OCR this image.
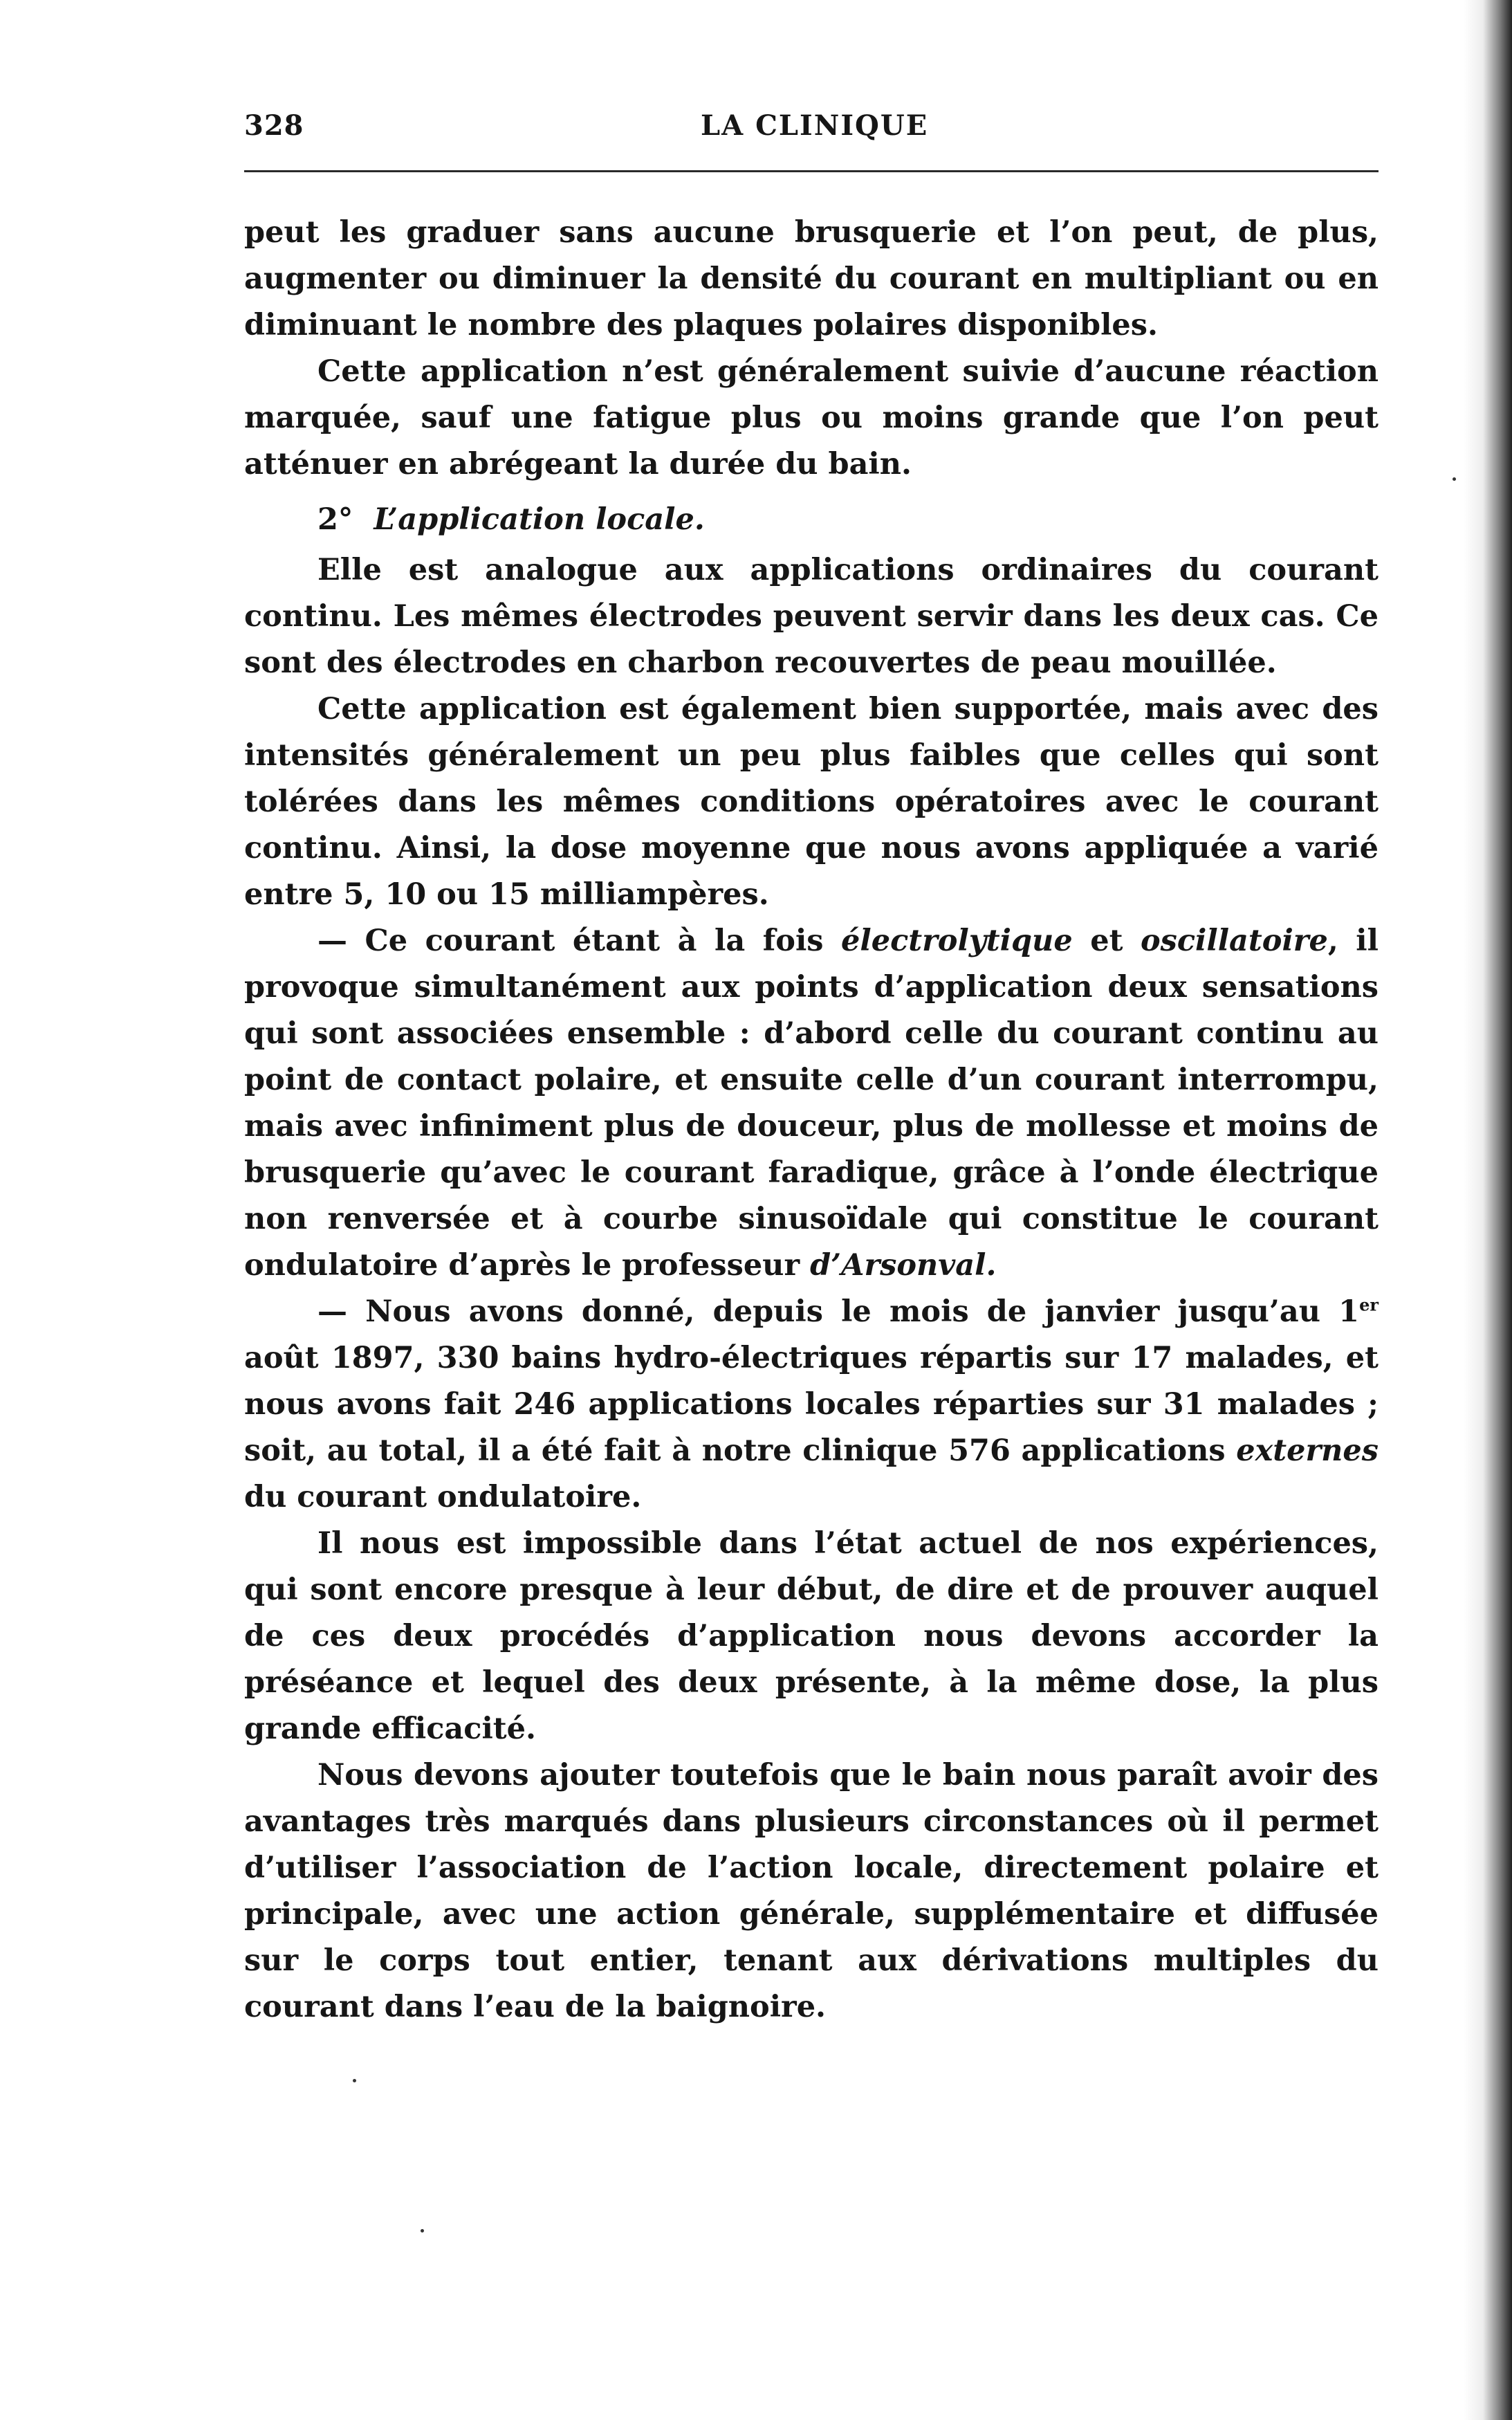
328	LA CLINIQUE

peut les graduer sans aucune brusquerie et l’on peut, de plus, augmenter ou diminuer la densité du courant en multipliant ou en diminuant le nombre des plaques polaires disponibles.

Cette application n’est généralement suivie d’aucune réaction marquée, sauf une fatigue plus ou moins grande que l’on peut atténuer en abrégeant la durée du bain.

2° L’application locale.

Elle est analogue aux applications ordinaires du courant continu. Les mêmes électrodes peuvent servir dans les deux cas. Ce sont des électrodes en charbon recouvertes de peau mouillée.

Cette application est également bien supportée, mais avec des intensités généralement un peu plus faibles que celles qui sont tolérées dans les mêmes conditions opératoires avec le courant continu. Ainsi, la dose moyenne que nous avons appliquée a varié entre 5, 10 ou 15 milliampères.

— Ce courant étant à la fois électrolytique et oscillatoire, il provoque simultanément aux points d’application deux sensations qui sont associées ensemble : d’abord celle du courant continu au point de contact polaire, et ensuite celle d’un courant interrompu, mais avec infiniment plus de douceur, plus de mollesse et moins de brusquerie qu’avec le courant faradique, grâce à l’onde électrique non renversée et à courbe sinusoïdale qui constitue le courant ondulatoire d’après le professeur d’Arsonval.

— Nous avons donné, depuis le mois de janvier jusqu’au 1er août 1897, 330 bains hydro-électriques répartis sur 17 malades, et nous avons fait 246 applications locales réparties sur 31 malades ; soit, au total, il a été fait à notre clinique 576 applications externes du courant ondulatoire.

Il nous est impossible dans l’état actuel de nos expériences, qui sont encore presque à leur début, de dire et de prouver auquel de ces deux procédés d’application nous devons accorder la préséance et lequel des deux présente, à la même dose, la plus grande efficacité.

Nous devons ajouter toutefois que le bain nous paraît avoir des avantages très marqués dans plusieurs circonstances où il permet d’utiliser l’association de l’action locale, directement polaire et principale, avec une action générale, supplémentaire et diffusée sur le corps tout entier, tenant aux dérivations multiples du courant dans l’eau de la baignoire.
